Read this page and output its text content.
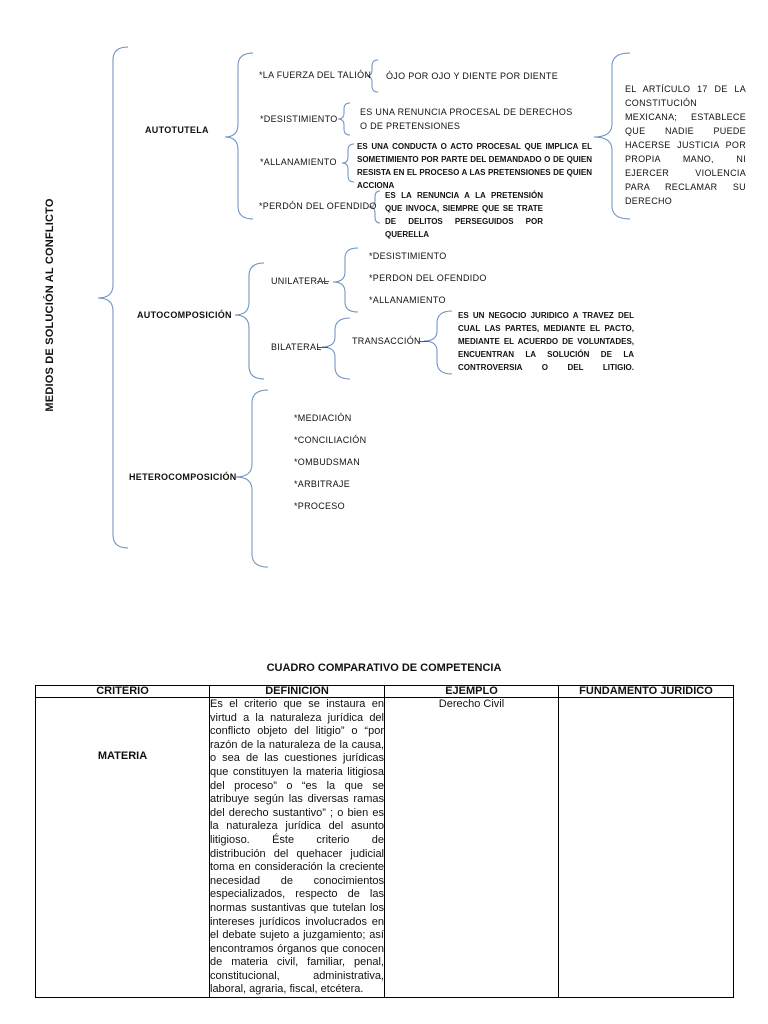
MEDIOS DE SOLUCIÓN AL CONFLICTO
AUTOTUTELA
*LA FUERZA DEL TALIÓN ÓJO POR OJO Y DIENTE POR DIENTE
*DESISTIMIENTO
ES UNA RENUNCIA PROCESAL DE DERECHOS
O DE PRETENSIONES
*ALLANAMIENTO
ES UNA CONDUCTA O ACTO PROCESAL QUE IMPLICA EL SOMETIMIENTO POR PARTE DEL DEMANDADO O DE QUIEN RESISTA EN EL PROCESO A LAS PRETENSIONES DE QUIEN ACCIONA
*PERDÓN DEL OFENDIDO
ES LA RENUNCIA A LA PRETENSIÓN QUE INVOCA, SIEMPRE QUE SE TRATE DE DELITOS PERSEGUIDOS POR QUERELLA
EL ARTÍCULO 17 DE LA CONSTITUCIÓN MEXICANA; ESTABLECE QUE NADIE PUEDE HACERSE JUSTICIA POR PROPIA MANO, NI EJERCER VIOLENCIA PARA RECLAMAR SU DERECHO
AUTOCOMPOSICIÓN
UNILATERAL
*DESISTIMIENTO
*PERDON DEL OFENDIDO
*ALLANAMIENTO
BILATERAL
TRANSACCIÓN
ES UN NEGOCIO JURIDICO A TRAVEZ DEL CUAL LAS PARTES, MEDIANTE EL PACTO, MEDIANTE EL ACUERDO DE VOLUNTADES, ENCUENTRAN LA SOLUCIÓN DE LA CONTROVERSIA O DEL LITIGIO.
HETEROCOMPOSICIÓN
*MEDIACIÓN
*CONCILIACIÓN
*OMBUDSMAN
*ARBITRAJE
*PROCESO
CUADRO COMPARATIVO DE COMPETENCIA
CRITERIO	DEFINICION	EJEMPLO	FUNDAMENTO JURIDICO

MATERIA	Es el criterio que se instaura en virtud a la naturaleza jurídica del conflicto objeto del litigio” o “por razón de la naturaleza de la causa, o sea de las cuestiones jurídicas que constituyen la materia litigiosa del proceso” o “es la que se atribuye según las diversas ramas del derecho sustantivo” ; o bien es la naturaleza jurídica del asunto litigioso. Éste criterio de distribución del quehacer judicial toma en consideración la creciente necesidad de conocimientos especializados, respecto de las normas sustantivas que tutelan los intereses jurídicos involucrados en el debate sujeto a juzgamiento; así encontramos órganos que conocen de materia civil, familiar, penal, constitucional, administrativa, laboral, agraria, fiscal, etcétera.	Derecho Civil	
